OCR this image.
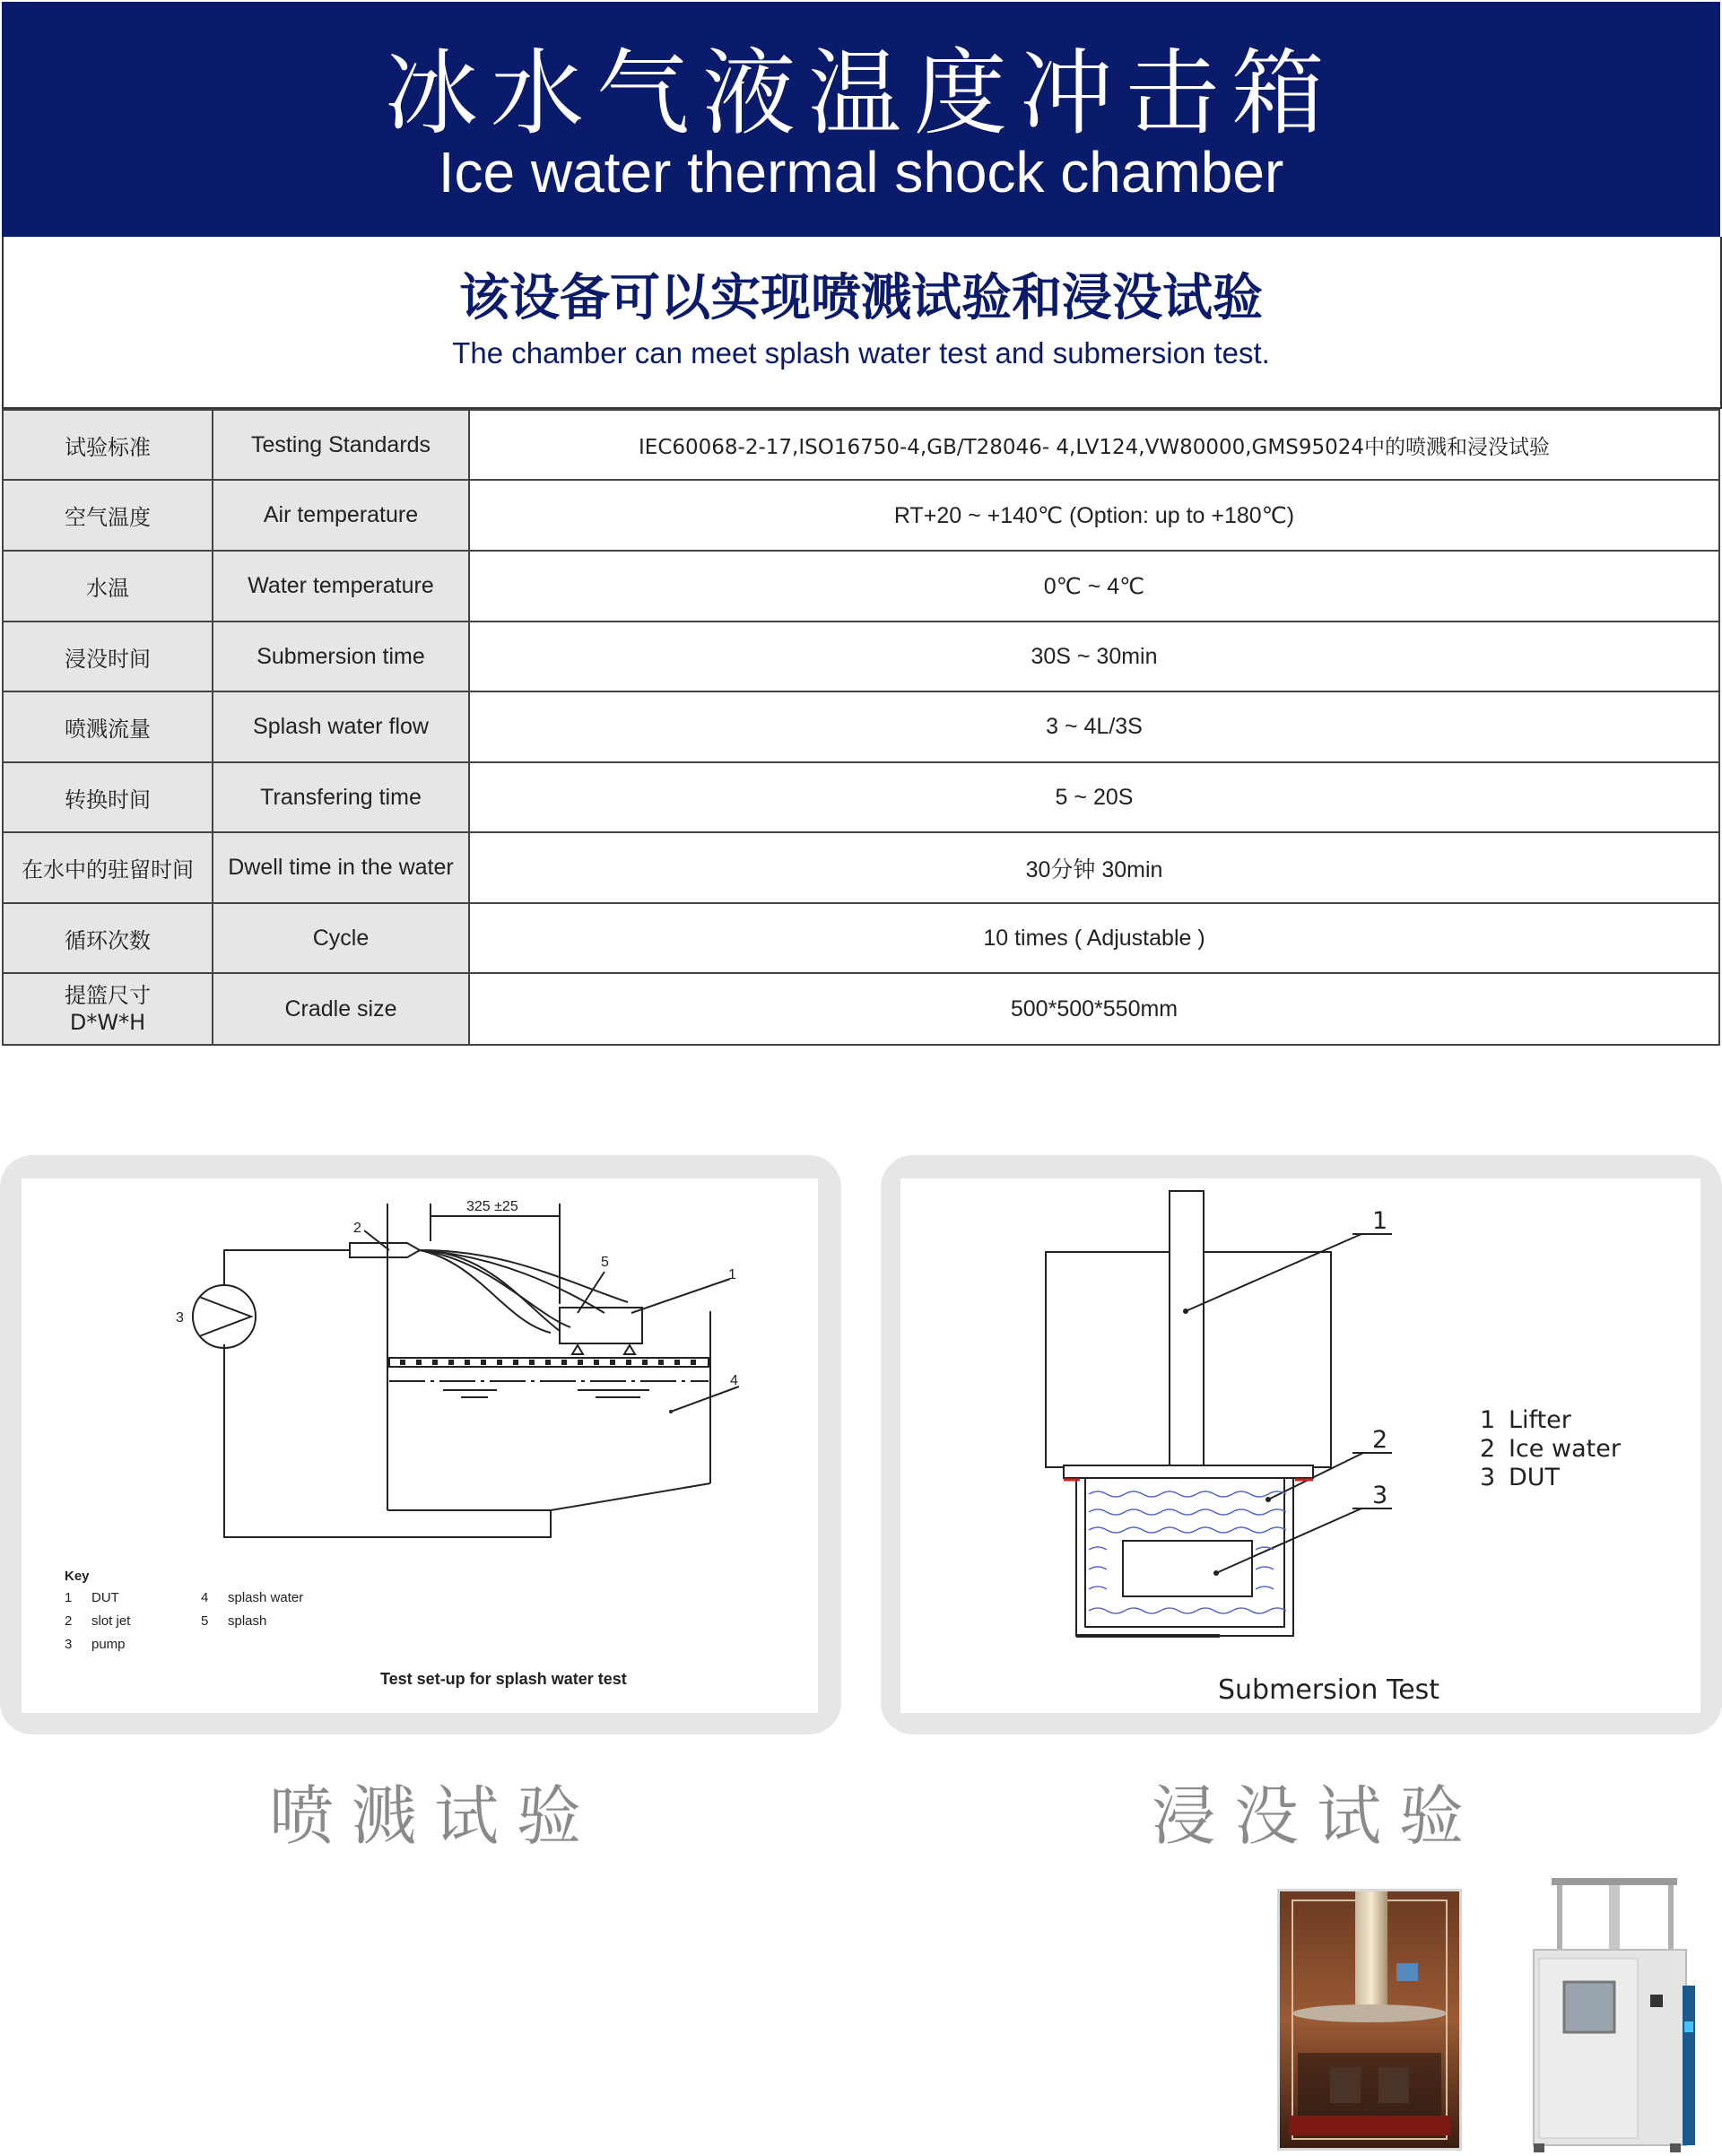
冰水气液温度冲击箱
Ice water thermal shock chamber
该设备可以实现喷溅试验和浸没试验
The chamber can meet splash water test and submersion test.
试验标准	Testing Standards	IEC60068-2-17,ISO16750-4,GB/T28046- 4,LV124,VW80000,GMS95024中的喷溅和浸没试验
空气温度	Air temperature	RT+20 ~ +140℃ (Option: up to +180℃)
水温	Water temperature	0℃ ~ 4℃
浸没时间	Submersion time	30S ~ 30min
喷溅流量	Splash water flow	3 ~ 4L/3S
转换时间	Transfering time	5 ~ 20S
在水中的驻留时间	Dwell time in the water	30分钟 30min
循环次数	Cycle	10 times ( Adjustable )

提篮尺寸
D*W*H	Cradle size	500*500*550mm
325 ±25
2
5
1
3
4
Key
1 DUT
2 slot jet
3 pump
4 splash water
5 splash
Test set-up for splash water test
喷溅试验
1
2
3
1 Lifter
2 Ice water
3 DUT
Submersion Test
浸没试验
